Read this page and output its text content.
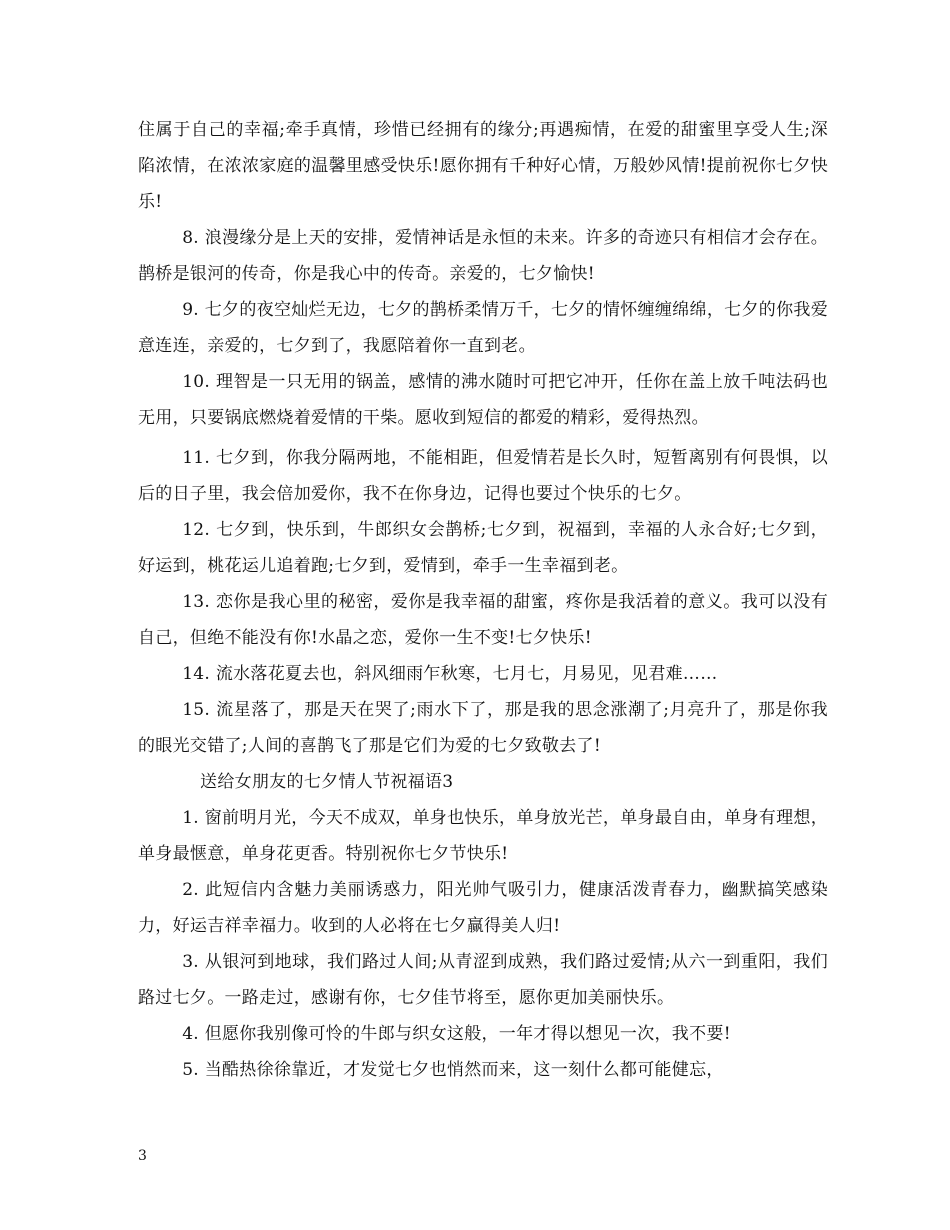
住属于自己的幸福;牵手真情，珍惜已经拥有的缘分;再遇痴情，在爱的甜蜜里享受人生;深陷浓情，在浓浓家庭的温馨里感受快乐!愿你拥有千种好心情，万般妙风情!提前祝你七夕快乐!

8. 浪漫缘分是上天的安排，爱情神话是永恒的未来。许多的奇迹只有相信才会存在。鹊桥是银河的传奇，你是我心中的传奇。亲爱的，七夕愉快!

9. 七夕的夜空灿烂无边，七夕的鹊桥柔情万千，七夕的情怀缠缠绵绵，七夕的你我爱意连连，亲爱的，七夕到了，我愿陪着你一直到老。

10. 理智是一只无用的锅盖，感情的沸水随时可把它冲开，任你在盖上放千吨法码也无用，只要锅底燃烧着爱情的干柴。愿收到短信的都爱的精彩，爱得热烈。

11. 七夕到，你我分隔两地，不能相距，但爱情若是长久时，短暂离别有何畏惧，以后的日子里，我会倍加爱你，我不在你身边，记得也要过个快乐的七夕。

12. 七夕到，快乐到，牛郎织女会鹊桥;七夕到，祝福到，幸福的人永合好;七夕到，好运到，桃花运儿追着跑;七夕到，爱情到，牵手一生幸福到老。

13. 恋你是我心里的秘密，爱你是我幸福的甜蜜，疼你是我活着的意义。我可以没有自己，但绝不能没有你!水晶之恋，爱你一生不变!七夕快乐!

14. 流水落花夏去也，斜风细雨乍秋寒，七月七，月易见，见君难……

15. 流星落了，那是天在哭了;雨水下了，那是我的思念涨潮了;月亮升了，那是你我的眼光交错了;人间的喜鹊飞了那是它们为爱的七夕致敬去了!

送给女朋友的七夕情人节祝福语3

1. 窗前明月光，今天不成双，单身也快乐，单身放光芒，单身最自由，单身有理想，单身最惬意，单身花更香。特别祝你七夕节快乐!

2. 此短信内含魅力美丽诱惑力，阳光帅气吸引力，健康活泼青春力，幽默搞笑感染力，好运吉祥幸福力。收到的人必将在七夕赢得美人归!

3. 从银河到地球，我们路过人间;从青涩到成熟，我们路过爱情;从六一到重阳，我们路过七夕。一路走过，感谢有你，七夕佳节将至，愿你更加美丽快乐。

4. 但愿你我别像可怜的牛郎与织女这般，一年才得以想见一次，我不要!

5. 当酷热徐徐靠近，才发觉七夕也悄然而来，这一刻什么都可能健忘，

3
